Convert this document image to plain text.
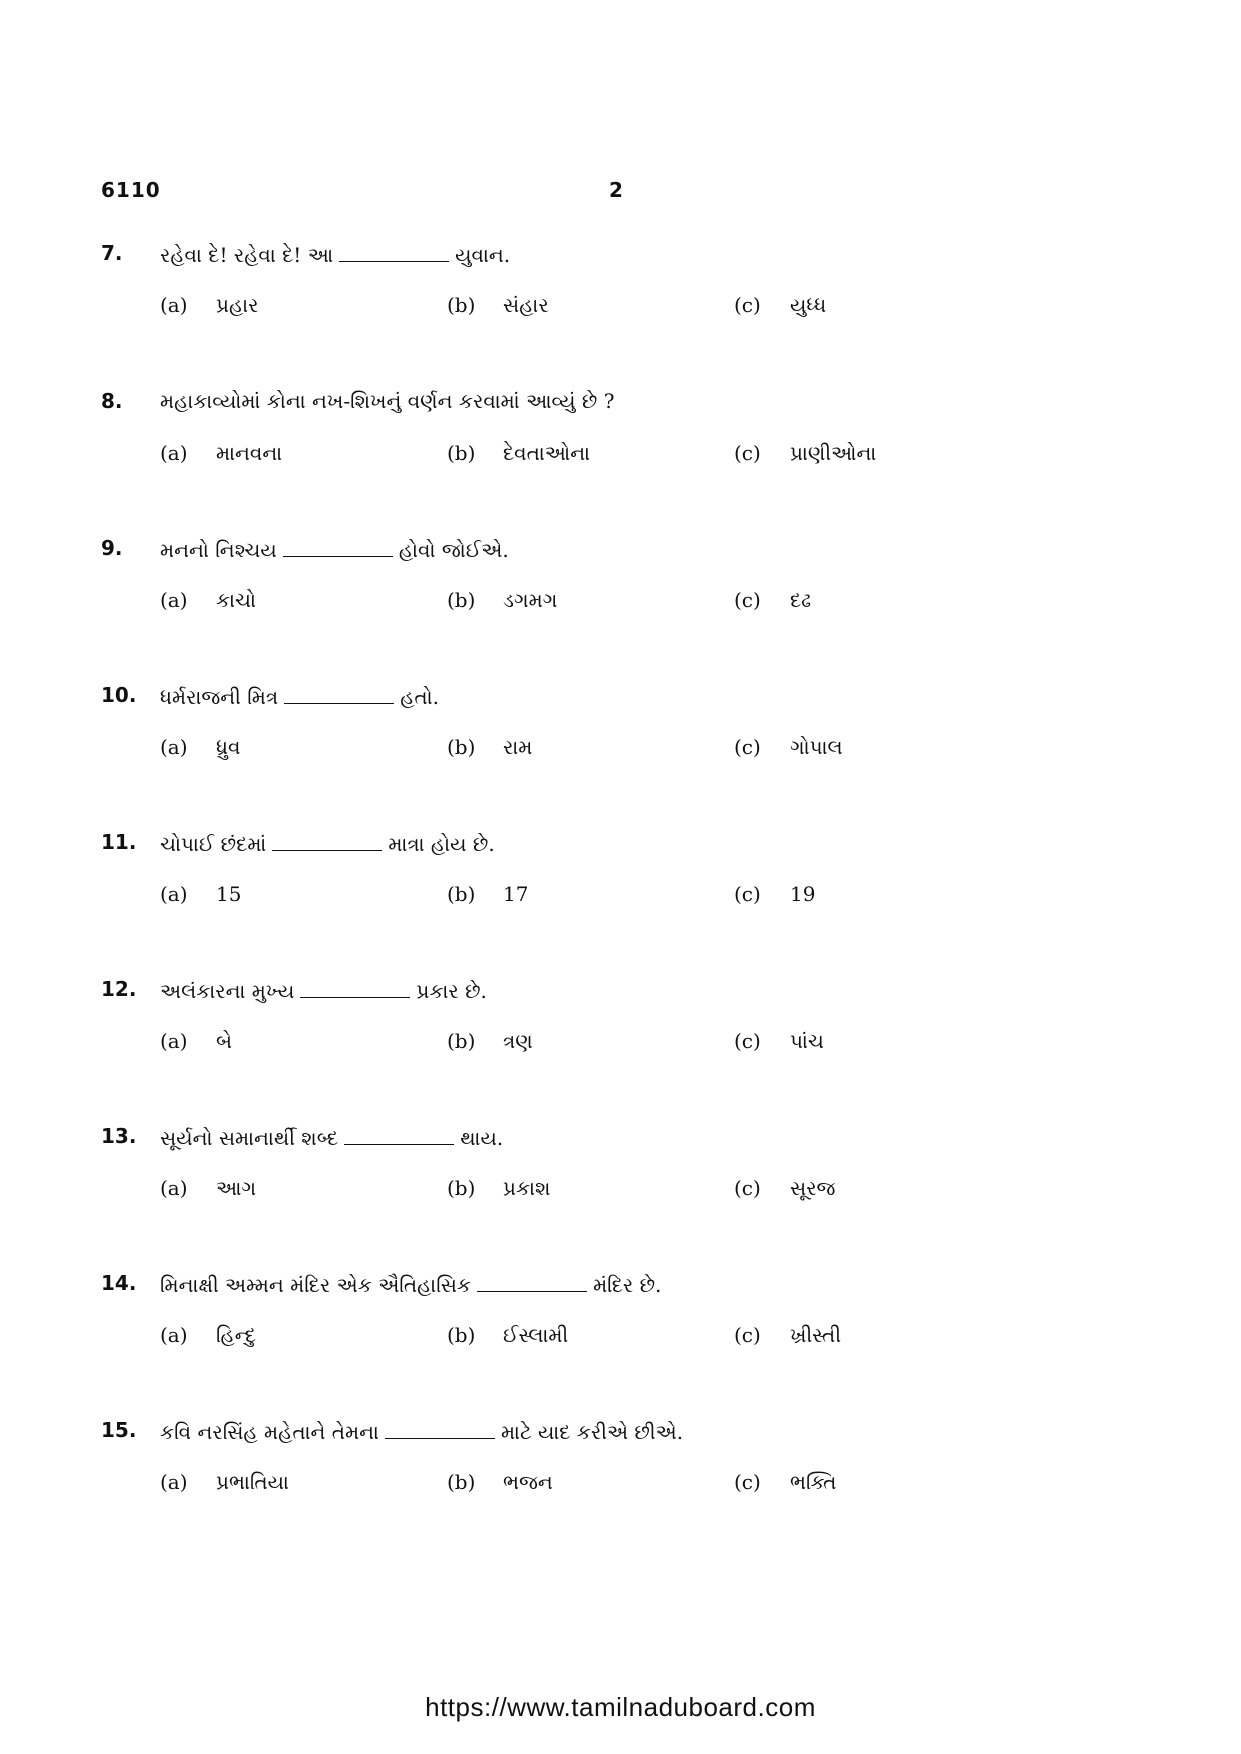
6110	2
7. રહેવા દે! રહેવા દે! આ	યુવાન.
(a) પ્રહાર	(b) સંહાર	(c) યુધ્ધ
8. મહાકાવ્યોમાં કોના નખ-શિખનું વર્ણન કરવામાં આવ્યું છે ?
(a) માનવના	(b) દેવતાઓના	(c) પ્રાણીઓના
9. મનનો નિશ્ચય	હોવો જોઈએ.
(a) કાચો	(b) ડગમગ	(c) દઢ
10. ધર્મરાજની મિત્ર	હતો.
(a) ધ્રુવ	(b) રામ	(c) ગોપાલ
11. ચોપાઈ છંદમાં	માત્રા હોય છે.
(a) 15	(b) 17	(c) 19
12. અલંકારના મુખ્ય	પ્રકાર છે.
(a) બે	(b) ત્રણ	(c) પાંચ
13. સૂર્યનો સમાનાર્થી શબ્દ	થાય.
(a) આગ	(b) પ્રકાશ	(c) સૂરજ
14. મિનાક્ષી અમ્મન મંદિર એક ઐતિહાસિક	મંદિર છે.
(a) હિન્દુ	(b) ઈસ્લામી	(c) ખ્રીસ્તી
15. કવિ નરસિંહ મહેતાને તેમના	માટે યાદ કરીએ છીએ.
(a) પ્રભાતિયા	(b) ભજન	(c) ભક્તિ
https://www.tamilnaduboard.com
